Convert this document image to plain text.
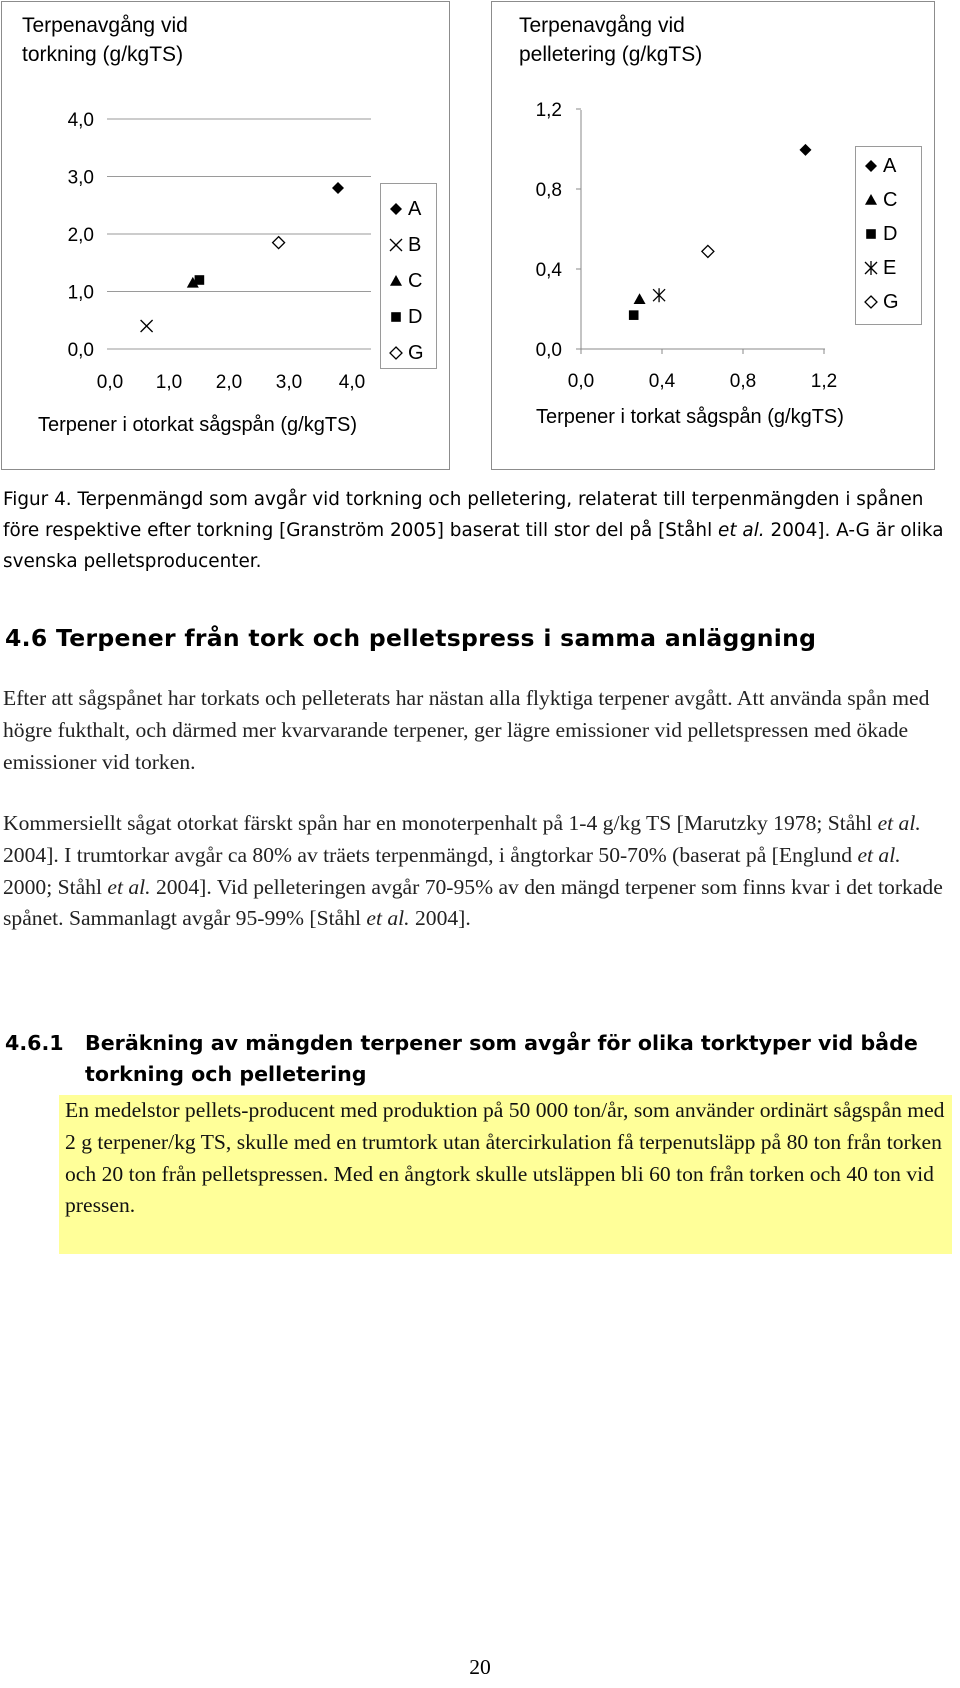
Terpenavgång vid
torkning (g/kgTS)
0,0
1,0
2,0
3,0
4,0
0,0 1,0 2,0 3,0 4,0
Terpener i otorkat sågspån (g/kgTS)
A
B
C
D
G
Terpenavgång vid
pelletering (g/kgTS)
0,0
0,4
0,8
1,2
0,0	0,4	0,8	1,2
Terpener i torkat sågspån (g/kgTS)
A
C
D
E
G
Figur 4. Terpenmängd som avgår vid torkning och pelletering, relaterat till terpenmängden i spånen före respektive efter torkning [Granström 2005] baserat till stor del på [Ståhl et al. 2004]. A-G är olika svenska pelletsproducenter.
4.6 Terpener från tork och pelletspress i samma anläggning
Efter att sågspånet har torkats och pelleterats har nästan alla flyktiga terpener avgått. Att använda spån med högre fukthalt, och därmed mer kvarvarande terpener, ger lägre emissioner vid pelletspressen med ökade emissioner vid torken.
Kommersiellt sågat otorkat färskt spån har en monoterpenhalt på 1-4 g/kg TS [Marutzky 1978; Ståhl et al. 2004]. I trumtorkar avgår ca 80% av träets terpenmängd, i ångtorkar 50-70% (baserat på [Englund et al. 2000; Ståhl et al. 2004]. Vid pelleteringen avgår 70-95% av den mängd terpener som finns kvar i det torkade spånet. Sammanlagt avgår 95-99% [Ståhl et al. 2004].
4.6.1 Beräkning av mängden terpener som avgår för olika torktyper vid både torkning och pelletering
En medelstor pellets-producent med produktion på 50 000 ton/år, som använder ordinärt sågspån med 2 g terpener/kg TS, skulle med en trumtork utan återcirkulation få terpenutsläpp på 80 ton från torken och 20 ton från pelletspressen. Med en ångtork skulle utsläppen bli 60 ton från torken och 40 ton vid pressen.
20
